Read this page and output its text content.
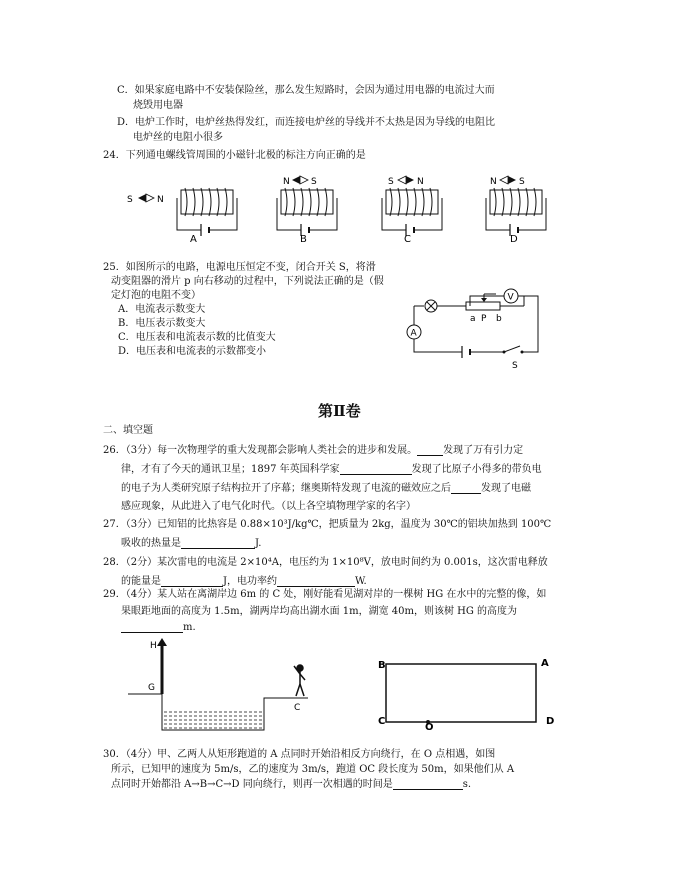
C．如果家庭电路中不安装保险丝，那么发生短路时，会因为通过用电器的电流过大而
烧毁用电器
D．电炉工作时，电炉丝热得发红，而连接电炉丝的导线并不太热是因为导线的电阻比
电炉丝的电阻小很多
24．下列通电螺线管周围的小磁针北极的标注方向正确的是
S	N
A
N S
B
S	N
C
N S
D
25．如图所示的电路，电源电压恒定不变，闭合开关 S，将滑
动变阻器的滑片 p 向右移动的过程中，下列说法正确的是（假
定灯泡的电阻不变）
A．电流表示数变大
B．电压表示数变大
C．电压表和电流表示数的比值变大
D．电压表和电流表的示数都变小
V
a P b
A
S
第Ⅱ卷
二、填空题
26．（3分）每一次物理学的重大发现都会影响人类社会的进步和发展。	发现了万有引力定
律，才有了今天的通讯卫星；1897 年英国科学家	发现了比原子小得多的带负电
的电子为人类研究原子结构拉开了序幕；继奥斯特发现了电流的磁效应之后	发现了电磁
感应现象，从此进入了电气化时代。（以上各空填物理学家的名字）
27．（3分）已知铝的比热容是 0.88×10³J/kg℃，把质量为 2kg，温度为 30℃的铝块加热到 100℃
吸收的热量是	J.
28．（2分）某次雷电的电流是 2×10⁴A，电压约为 1×10⁸V，放电时间约为 0.001s，这次雷电释放
的能量是	J，电功率约	W.
29．（4分）某人站在离湖岸边 6m 的 C 处，刚好能看见湖对岸的一棵树 HG 在水中的完整的像，如
果眼距地面的高度为 1.5m，湖两岸均高出湖水面 1m，湖宽 40m，则该树 HG 的高度为
m.
H
G
C
B	A
C
O
D
30．（4分）甲、乙两人从矩形跑道的 A 点同时开始沿相反方向绕行，在 O 点相遇，如图
所示，已知甲的速度为 5m/s，乙的速度为 3m/s，跑道 OC 段长度为 50m，如果他们从 A
点同时开始都沿 A→B→C→D 同向绕行，则再一次相遇的时间是	s.
